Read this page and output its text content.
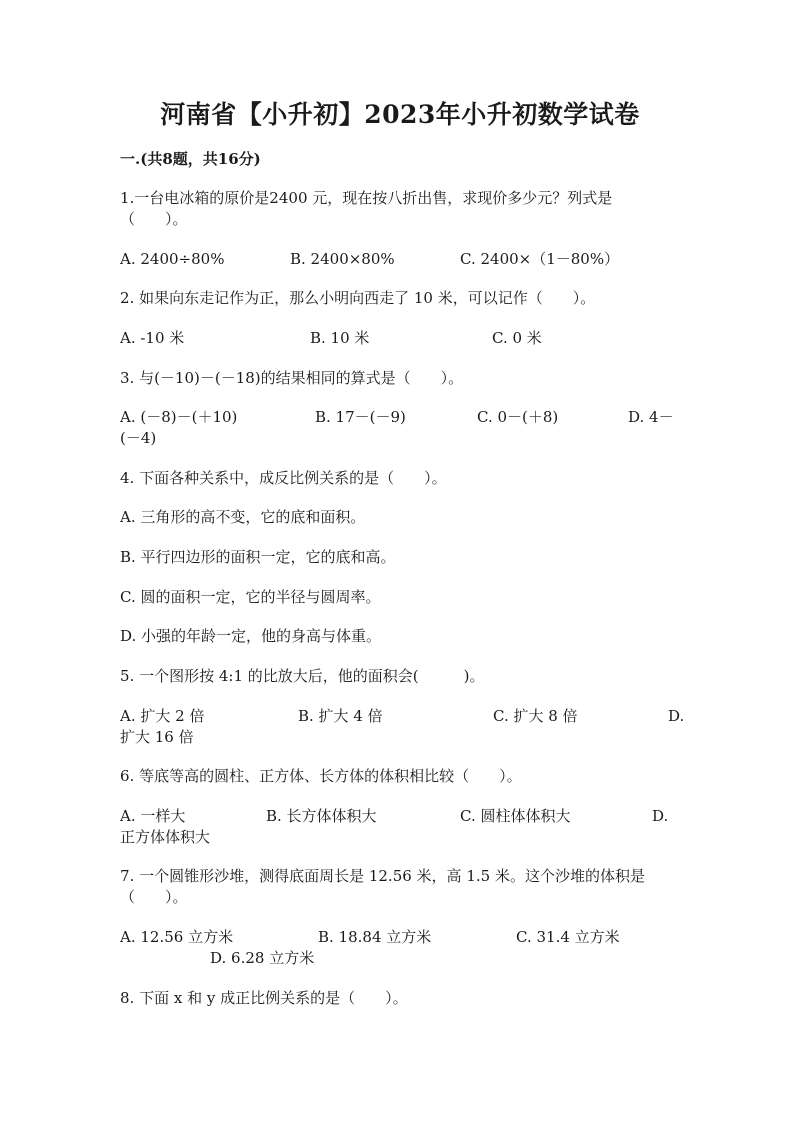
河南省【小升初】2023年小升初数学试卷
一.(共8题，共16分)
1.一台电冰箱的原价是2400 元，现在按八折出售，求现价多少元？列式是
（　　）。
A. 2400÷80%	B. 2400×80%	C. 2400×（1－80%）
2. 如果向东走记作为正，那么小明向西走了 10 米，可以记作（　　）。
A. -10 米	B. 10 米	C. 0 米
3. 与(－10)－(－18)的结果相同的算式是（　　）。
A. (－8)－(＋10)	B. 17－(－9)	C. 0－(＋8)	D. 4－
(－4)
4. 下面各种关系中，成反比例关系的是（　　）。
A. 三角形的高不变，它的底和面积。
B. 平行四边形的面积一定，它的底和高。
C. 圆的面积一定，它的半径与圆周率。
D. 小强的年龄一定，他的身高与体重。
5. 一个图形按 4:1 的比放大后，他的面积会(　　　)。
A. 扩大 2 倍	B. 扩大 4 倍	C. 扩大 8 倍	D.
扩大 16 倍
6. 等底等高的圆柱、正方体、长方体的体积相比较（　　）。
A. 一样大	B. 长方体体积大	C. 圆柱体体积大	D.
正方体体积大
7. 一个圆锥形沙堆，测得底面周长是 12.56 米，高 1.5 米。这个沙堆的体积是
（　　）。
A. 12.56 立方米	B. 18.84 立方米	C. 31.4 立方米
D. 6.28 立方米
8. 下面 x 和 y 成正比例关系的是（　　）。
